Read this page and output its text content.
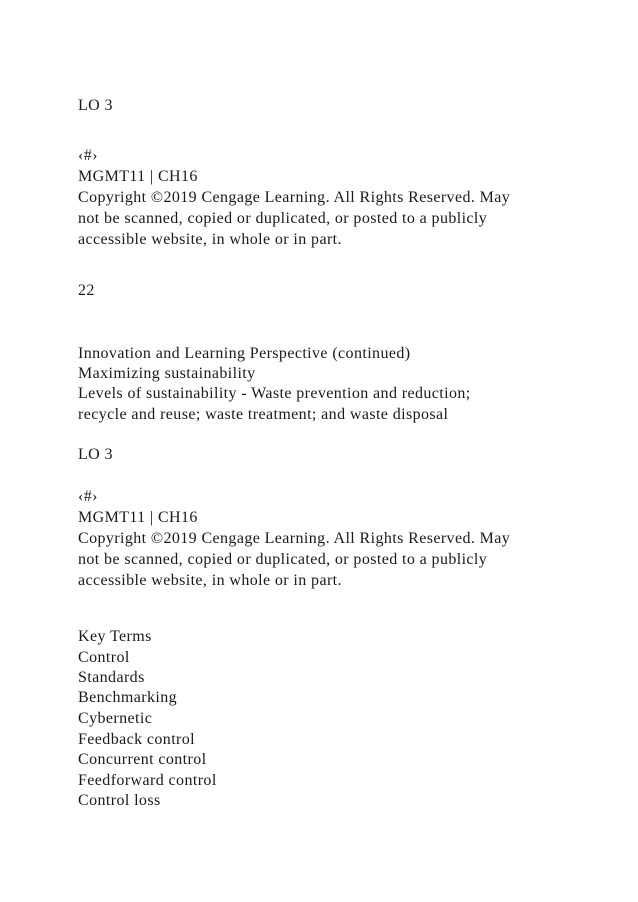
LO 3
‹#›
MGMT11 | CH16
Copyright ©2019 Cengage Learning. All Rights Reserved. May
not be scanned, copied or duplicated, or posted to a publicly
accessible website, in whole or in part.
22
Innovation and Learning Perspective (continued)
Maximizing sustainability
Levels of sustainability - Waste prevention and reduction;
recycle and reuse; waste treatment; and waste disposal
LO 3
‹#›
MGMT11 | CH16
Copyright ©2019 Cengage Learning. All Rights Reserved. May
not be scanned, copied or duplicated, or posted to a publicly
accessible website, in whole or in part.
Key Terms
Control
Standards
Benchmarking
Cybernetic
Feedback control
Concurrent control
Feedforward control
Control loss
